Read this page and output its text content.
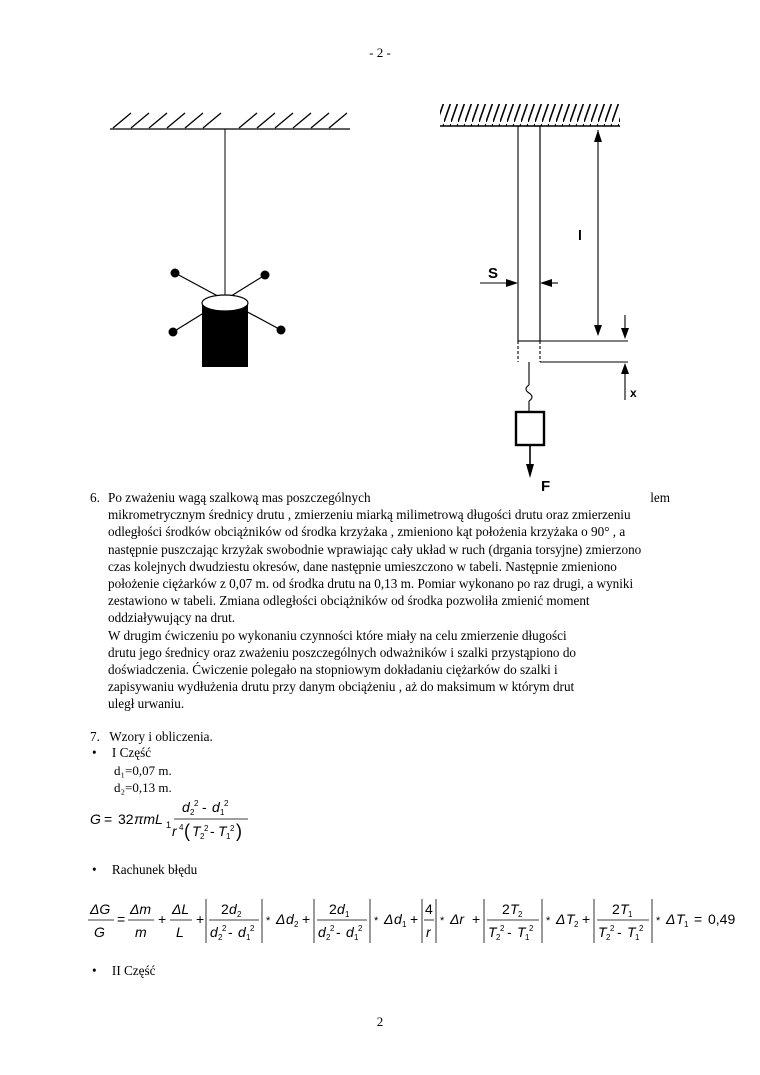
- 2 -
S
l
x
F
6. Po zważeniu wagą szalkową mas poszczególnych	lem
mikrometrycznym średnicy drutu , zmierzeniu miarką milimetrową długości drutu oraz zmierzeniu
odległości środków obciążników od środka krzyżaka , zmieniono kąt położenia krzyżaka o 90° , a
następnie puszczając krzyżak swobodnie wprawiając cały układ w ruch (drgania torsyjne) zmierzono
czas kolejnych dwudziestu okresów, dane następnie umieszczono w tabeli. Następnie zmieniono
położenie ciężarków z 0,07 m. od środka drutu na 0,13 m. Pomiar wykonano po raz drugi, a wyniki
zestawiono w tabeli. Zmiana odległości obciążników od środka pozwoliła zmienić moment
oddziaływujący na drut.
W drugim ćwiczeniu po wykonaniu czynności które miały na celu zmierzenie długości
drutu jego średnicy oraz zważeniu poszczególnych odważników i szalki przystąpiono do
doświadczenia. Ćwiczenie polegało na stopniowym dokładaniu ciężarków do szalki i
zapisywaniu wydłużenia drutu przy danym obciążeniu , aż do maksimum w którym drut
uległ urwaniu.
7. Wzory i obliczenia.
• I Część
d₁=0,07 m.
d₂=0,13 m.
G = 32 πmL 1
d 2
2 - d 1
2
r 4 ( T 2
2 - T 1
2 )
• Rachunek błędu
ΔG
G
=
Δm
m
+
ΔL
L
+
2 d 2
d 2
2 - d 1
2
* Δ d 2 +
2 d 1
d 2
2 - d 1
2
* Δ d 1 +
4
r
* Δr +
2 T 2
T 2
2 - T 1
2
* Δ T 2 +
2 T 1
T 2
2 - T 1
2
* Δ T 1 = 0,49
• II Część
2
